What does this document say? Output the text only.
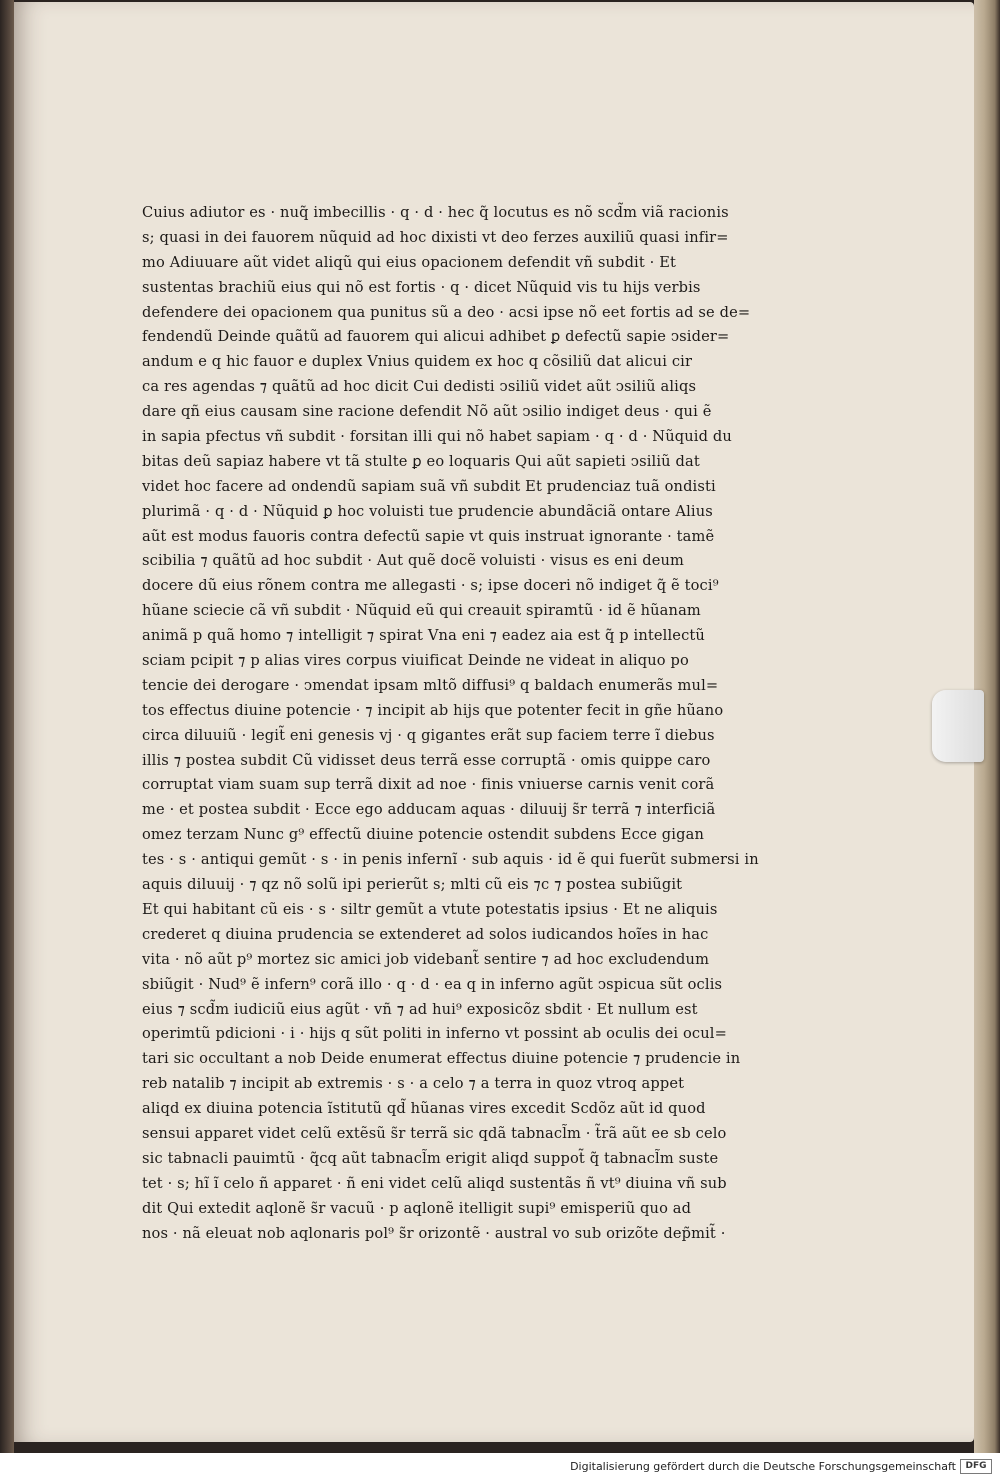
Cuius adiutor es · nuq̃ imbecillis · q · d · hec q̃ locutus es nõ scd̃m viã racionis
s; quasi in dei fauorem nũquid ad hoc dixisti vt deo ferzes auxiliũ quasi infir=
mo Adiuuare aũt videt aliqũ qui eius opacionem defendit vñ subdit · Et
sustentas brachiũ eius qui nõ est fortis · q · dicet Nũquid vis tu hijs verbis
defendere dei opacionem qua punitus sũ a deo · acsi ipse nõ eet fortis ad se de=
fendendũ Deinde quãtũ ad fauorem qui alicui adhibet ꝑ defectũ sapie ↄsider=
andum e q hic fauor e duplex Vnius quidem ex hoc q cõsiliũ dat alicui cir
ca res agendas ⁊ quãtũ ad hoc dicit Cui dedisti ↄsiliũ videt aũt ↄsiliũ aliqs
dare qñ eius causam sine racione defendit Nõ aũt ↄsilio indiget deus · qui ẽ
in sapia pfectus vñ subdit · forsitan illi qui nõ habet sapiam · q · d · Nũquid du
bitas deũ sapiaz habere vt tã stulte ꝑ eo loquaris Qui aũt sapieti ↄsiliũ dat
videt hoc facere ad ondendũ sapiam suã vñ subdit Et prudenciaz tuã ondisti
plurimã · q · d · Nũquid ꝑ hoc voluisti tue prudencie abundãciã ontare Alius
aũt est modus fauoris contra defectũ sapie vt quis instruat ignorante · tamẽ
scibilia ⁊ quãtũ ad hoc subdit · Aut quẽ docẽ voluisti · visus es eni deum
docere dũ eius rõnem contra me allegasti · s; ipse doceri nõ indiget q̃ ẽ toci⁹
hũane sciecie cã vñ subdit · Nũquid eũ qui creauit spiramtũ · id ẽ hũanam
animã p quã homo ⁊ intelligit ⁊ spirat Vna eni ⁊ eadez aia est q̃ p intellectũ
sciam pcipit ⁊ p alias vires corpus viuificat Deinde ne videat in aliquo po
tencie dei derogare · ↄmendat ipsam mltõ diffusi⁹ q baldach enumerãs mul=
tos effectus diuine potencie · ⁊ incipit ab hijs que potenter fecit in gñe hũano
circa diluuiũ · legit̃ eni genesis vj · q gigantes erãt sup faciem terre ĩ diebus
illis ⁊ postea subdit Cũ vidisset deus terrã esse corruptã · omis quippe caro
corruptat viam suam sup terrã dixit ad noe · finis vniuerse carnis venit corã
me · et postea subdit · Ecce ego adducam aquas · diluuij s̃r terrã ⁊ interficiã
omez terzam Nunc g⁹ effectũ diuine potencie ostendit subdens Ecce gigan
tes · s · antiqui gemũt · s · in penis infernĩ · sub aquis · id ẽ qui fuerũt submersi in
aquis diluuij · ⁊ qz nõ solũ ipi perierũt s; mlti cũ eis ⁊c ⁊ postea subiũgit
Et qui habitant cũ eis · s · siltr gemũt a vtute potestatis ipsius · Et ne aliquis
crederet q diuina prudencia se extenderet ad solos iudicandos hoĩes in hac
vita · nõ aũt p⁹ mortez sic amici job videbant̃ sentire ⁊ ad hoc excludendum
sbiũgit · Nud⁹ ẽ infern⁹ corã illo · q · d · ea q in inferno agũt ↄspicua sũt oclis
eius ⁊ scd̃m iudiciũ eius agũt · vñ ⁊ ad hui⁹ exposicõz sbdit · Et nullum est
operimtũ pdicioni · i · hijs q sũt politi in inferno vt possint ab oculis dei ocul=
tari sic occultant a nob Deide enumerat effectus diuine potencie ⁊ prudencie in
reb natalib ⁊ incipit ab extremis · s · a celo ⁊ a terra in quoz vtroq appet
aliqd ex diuina potencia ĩstitutũ qd̃ hũanas vires excedit Scdõz aũt id quod
sensui apparet videt celũ extẽsũ s̃r terrã sic qdã tabnacl̃m · t̃rã aũt ee sb celo
sic tabnacli pauimtũ · q̃cq aũt tabnacl̃m erigit aliqd suppot̃ q̃ tabnacl̃m suste
tet · s; hĩ ĩ celo ñ apparet · ñ eni videt celũ aliqd sustentãs ñ vt⁹ diuina vñ sub
dit Qui extedit aqlonẽ s̃r vacuũ · p aqlonẽ itelligit supi⁹ emisperiũ quo ad
nos · nã eleuat nob aqlonaris pol⁹ s̃r orizontẽ · austral vo sub orizõte dep̃mit̃ ·
Digitalisierung gefördert durch die Deutsche Forschungsgemeinschaft	DFG
